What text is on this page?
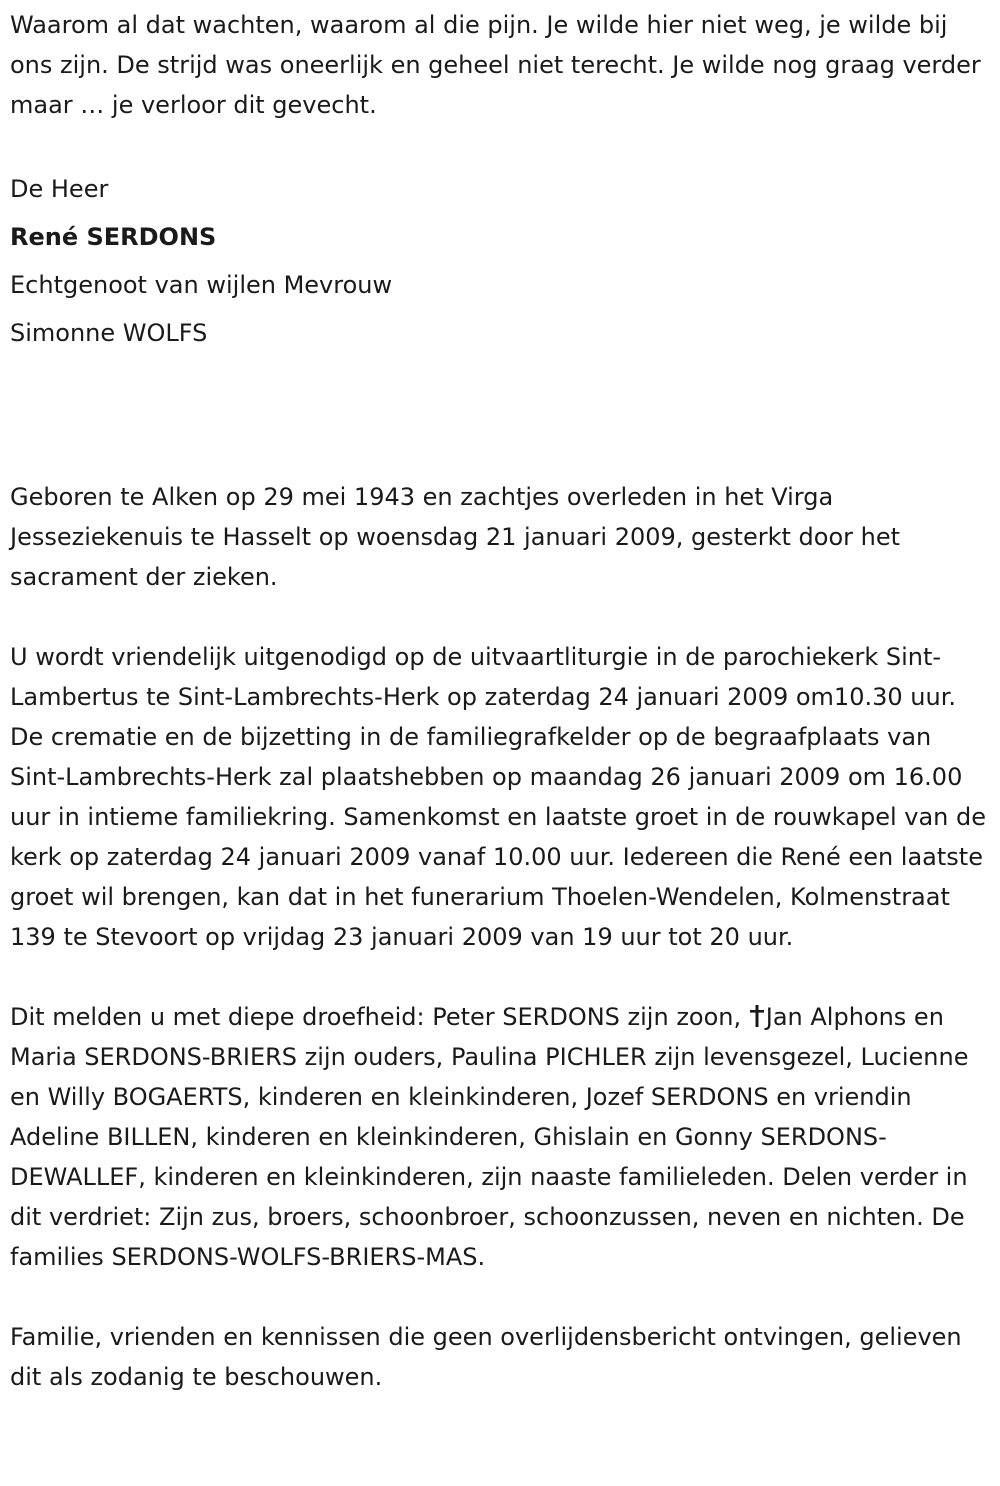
Waarom al dat wachten, waarom al die pijn. Je wilde hier niet weg, je wilde bij ons zijn. De strijd was oneerlijk en geheel niet terecht. Je wilde nog graag verder maar … je verloor dit gevecht.

De Heer

René SERDONS

Echtgenoot van wijlen Mevrouw

Simonne WOLFS

Geboren te Alken op 29 mei 1943 en zachtjes overleden in het Virga Jesseziekenuis te Hasselt op woensdag 21 januari 2009, gesterkt door het sacrament der zieken.

U wordt vriendelijk uitgenodigd op de uitvaartliturgie in de parochiekerk Sint-Lambertus te Sint-Lambrechts-Herk op zaterdag 24 januari 2009 om10.30 uur. De crematie en de bijzetting in de familiegrafkelder op de begraafplaats van Sint-Lambrechts-Herk zal plaatshebben op maandag 26 januari 2009 om 16.00 uur in intieme familiekring. Samenkomst en laatste groet in de rouwkapel van de kerk op zaterdag 24 januari 2009 vanaf 10.00 uur. Iedereen die René een laatste groet wil brengen, kan dat in het funerarium Thoelen-Wendelen, Kolmenstraat 139 te Stevoort op vrijdag 23 januari 2009 van 19 uur tot 20 uur.

Dit melden u met diepe droefheid: Peter SERDONS zijn zoon, Jan Alphons en Maria SERDONS-BRIERS zijn ouders, Paulina PICHLER zijn levensgezel, Lucienne en Willy BOGAERTS, kinderen en kleinkinderen, Jozef SERDONS en vriendin Adeline BILLEN, kinderen en kleinkinderen, Ghislain en Gonny SERDONS-DEWALLEF, kinderen en kleinkinderen, zijn naaste familieleden. Delen verder in dit verdriet: Zijn zus, broers, schoonbroer, schoonzussen, neven en nichten. De families SERDONS-WOLFS-BRIERS-MAS.

Familie, vrienden en kennissen die geen overlijdensbericht ontvingen, gelieven dit als zodanig te beschouwen.
